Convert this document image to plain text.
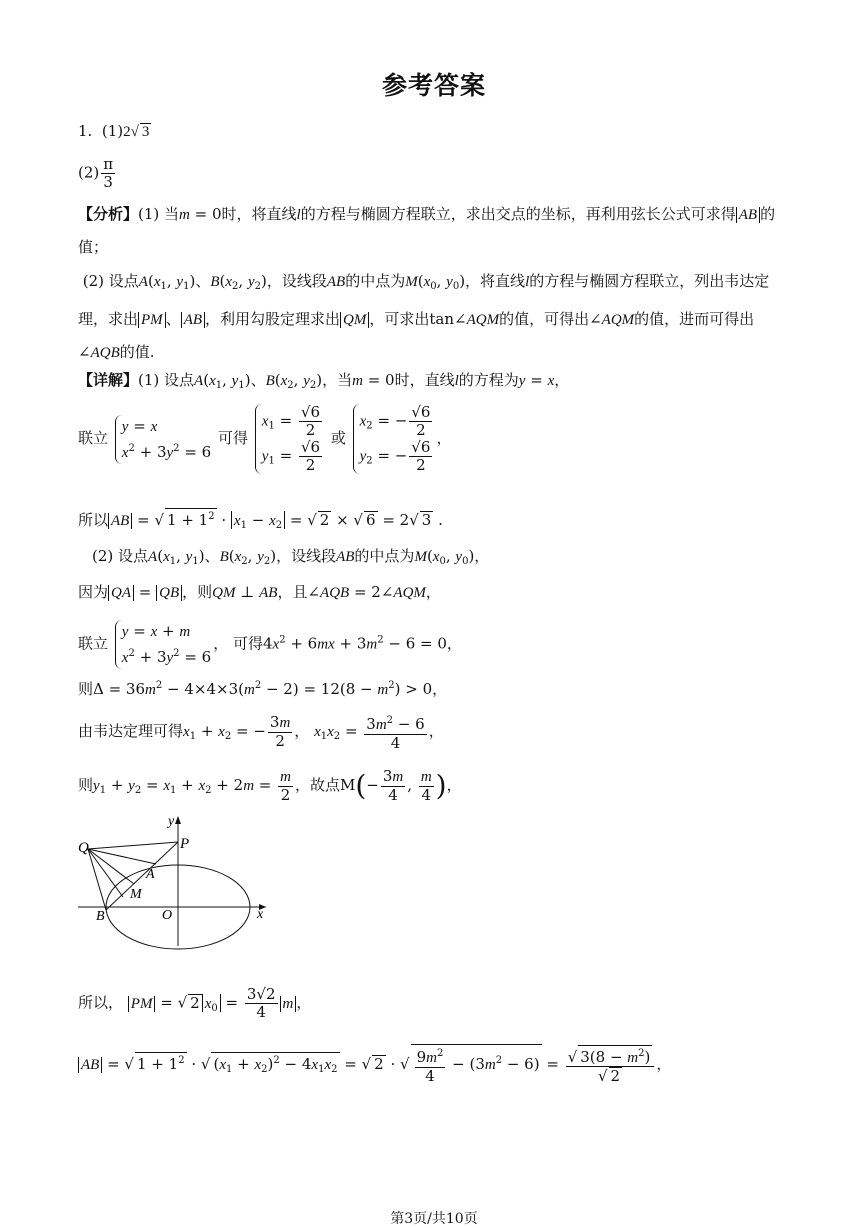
参考答案
1. (1)2√ 3
$(2) \frac{\pi}{3}$
【分析】(1) 当m = 0时，将直线l的方程与椭圆方程联立，求出交点的坐标，再利用弦长公式可求得 AB 的值；
(2) 设点$A(x_1$, $y_1$)、$B(x_2$, $y_2$)，设线段AB的中点为$M(x_0$, $y_0$)，将直线l的方程与椭圆方程联立，列出韦达定理，求出 PM 、 AB ，利用勾股定理求出 QM ，可求出tan∠AQM的值，可得出∠AQM的值，进而可得出∠AQB的值.
【详解】(1) 设点$A(x_1$, $y_1$)、$B(x_2$, $y_2$)，当m = 0时，直线l的方程为y = x，
联立 y = x
$x^2 + 3y^2 = 6$ 可得 $x_1 = \frac{√6}{2}$

$y_1 = \frac{√6}{2}$
或 $x_2$ = − $\frac{√6}{2}$

$y_2$ = − $\frac{√6}{2}$
，
所以 AB = √ $1 + 1^2 \cdot x_1 - x_2$ = √ 2 × √ 6 = 2√ 3 .
(2) 设点$A(x_1$, $y_1$)、$B(x_2$, $y_2$)，设线段AB的中点为$M(x_0$, $y_0$)，
因为 QA = QB ，则QM ⊥ AB，且∠AQB = 2∠AQM，
联立 y = x + m
$x^2 + 3y^2 = 6$， 可得$4x^2 + 6mx + 3m^2 - 6 = 0$，
则$\Delta = 36m^2 - 4\times 4\times 3(m^2 - 2) = 12(8 - m^2) > 0$，
由韦达定理可得$x_1 + x_2$ = − $\frac{3m}{2}$ ， $x_1x_2 = \frac{3m^2 - 6}{4}$ ，
则$y_1 + y_2 = x_1 + x_2 + 2m = \frac{m}{2}$ ，故点$M(- \frac{3m}{4}$ , $\frac{m}{4}$ )，
y
x
Q	P
A
M
B	O
所以， PM = √ 2 $x_0 = \frac{3√2}{4}$ m ，
AB = √ $1 + 1^2$ · √ $(x_1 + x_2)^2 - 4x_1x_2$ = √ 2 · √ $\frac{9m^2}{4} - (3m^2 - 6) = \frac{√ 3(8 - m^2)}{√ 2}$ ，
第3页/共10页
